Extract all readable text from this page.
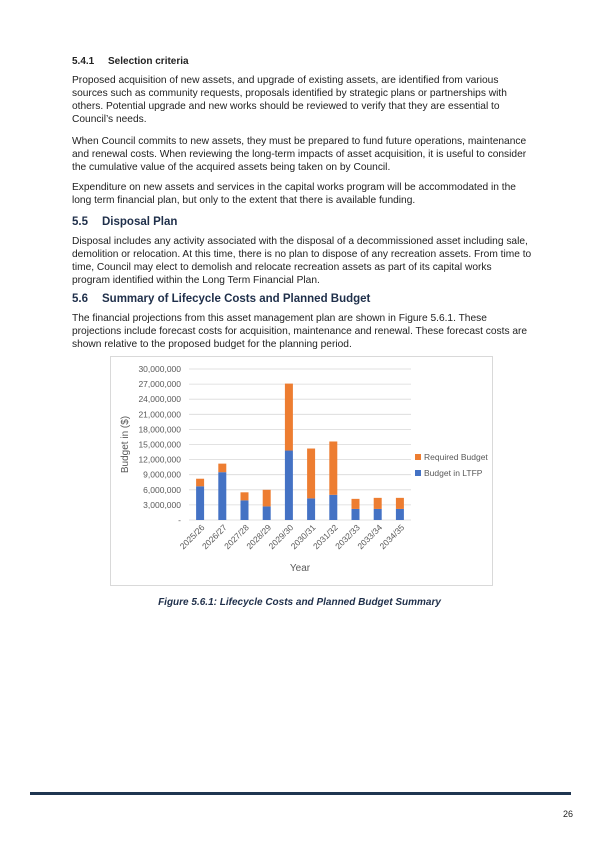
5.4.1 Selection criteria

Proposed acquisition of new assets, and upgrade of existing assets, are identified from various sources such as community requests, proposals identified by strategic plans or partnerships with others. Potential upgrade and new works should be reviewed to verify that they are essential to Council’s needs.

When Council commits to new assets, they must be prepared to fund future operations, maintenance and renewal costs. When reviewing the long-term impacts of asset acquisition, it is useful to consider the cumulative value of the acquired assets being taken on by Council.

Expenditure on new assets and services in the capital works program will be accommodated in the long term financial plan, but only to the extent that there is available funding.

5.5 Disposal Plan

Disposal includes any activity associated with the disposal of a decommissioned asset including sale, demolition or relocation. At this time, there is no plan to dispose of any recreation assets. From time to time, Council may elect to demolish and relocate recreation assets as part of its capital works program identified within the Long Term Financial Plan.

5.6 Summary of Lifecycle Costs and Planned Budget

The financial projections from this asset management plan are shown in Figure 5.6.1. These projections include forecast costs for acquisition, maintenance and renewal. These forecast costs are shown relative to the proposed budget for the planning period.

-
3,000,000
6,000,000
9,000,000
12,000,000
15,000,000
18,000,000
21,000,000
24,000,000
27,000,000
30,000,000
Budget in ($)
2025/26
2026/27
2027/28
2028/29
2029/30
2030/31
2031/32
2032/33
2033/34
2034/35
Year
Required Budget
Budget in LTFP
Figure 5.6.1: Lifecycle Costs and Planned Budget Summary
26
